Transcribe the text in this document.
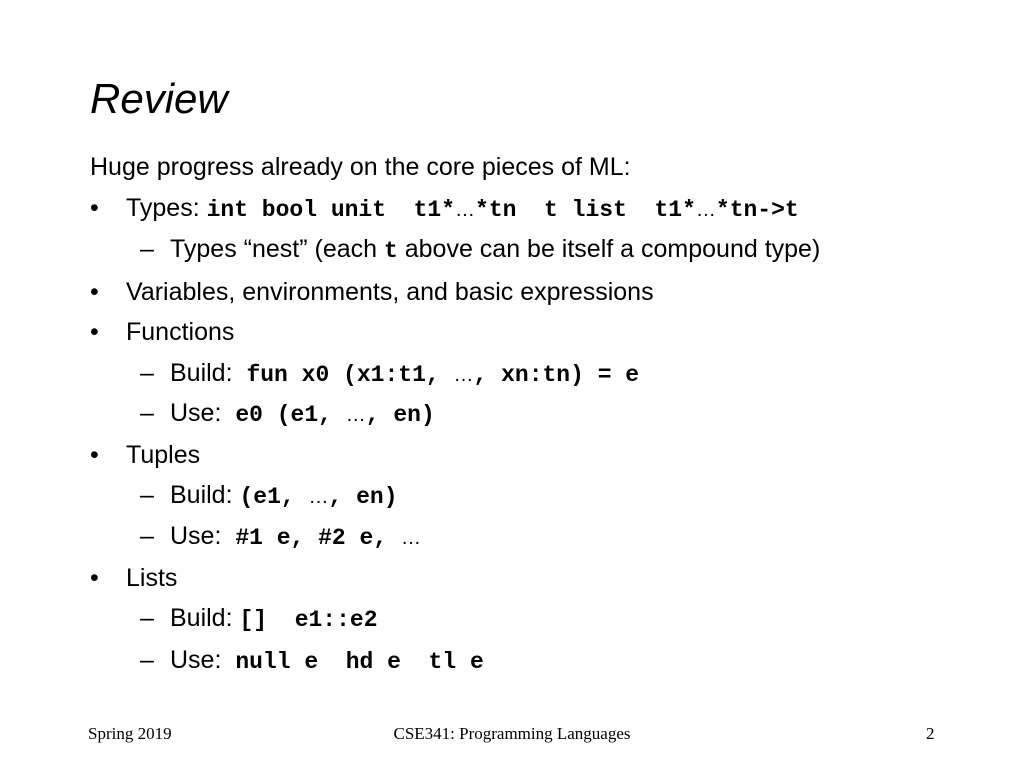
Review
Huge progress already on the core pieces of ML:
• Types: int bool unit  t1*…*tn  t list  t1*…*tn->t
– Types “nest” (each t above can be itself a compound type)
• Variables, environments, and basic expressions
• Functions
– Build:  fun x0 (x1:t1, …, xn:tn) = e
– Use:  e0 (e1, …, en)
• Tuples
– Build: (e1, …, en)
– Use:  #1 e, #2 e, …
• Lists
– Build: []  e1::e2
– Use:  null e  hd e  tl e
Spring 2019	CSE341: Programming Languages	2
